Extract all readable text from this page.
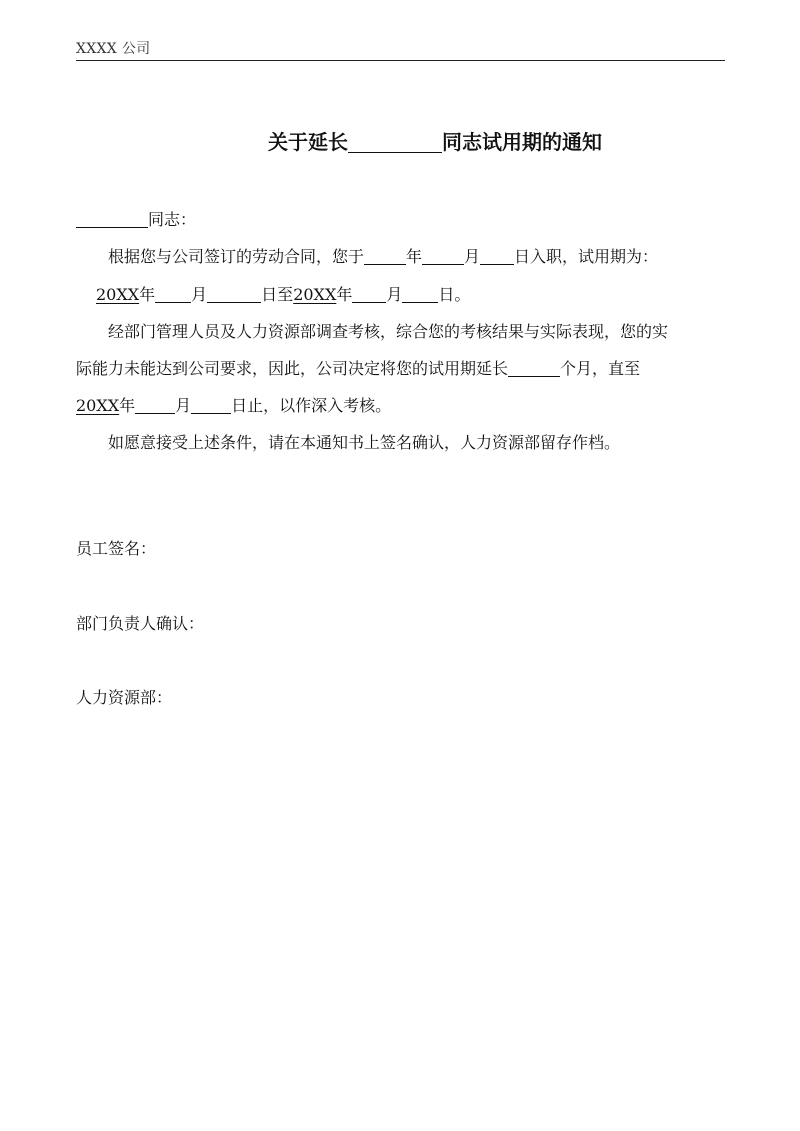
XXXX 公司
关于延长	同志试用期的通知
同志：
根据您与公司签订的劳动合同，您于	年	月 日入职，试用期为：
20XX年 月	日至20XX年 月 日。
经部门管理人员及人力资源部调查考核，综合您的考核结果与实际表现，您的实
际能力未能达到公司要求，因此，公司决定将您的试用期延长	个月，直至
20XX年	月	日止，以作深入考核。
如愿意接受上述条件，请在本通知书上签名确认，人力资源部留存作档。
员工签名：
部门负责人确认：
人力资源部：
